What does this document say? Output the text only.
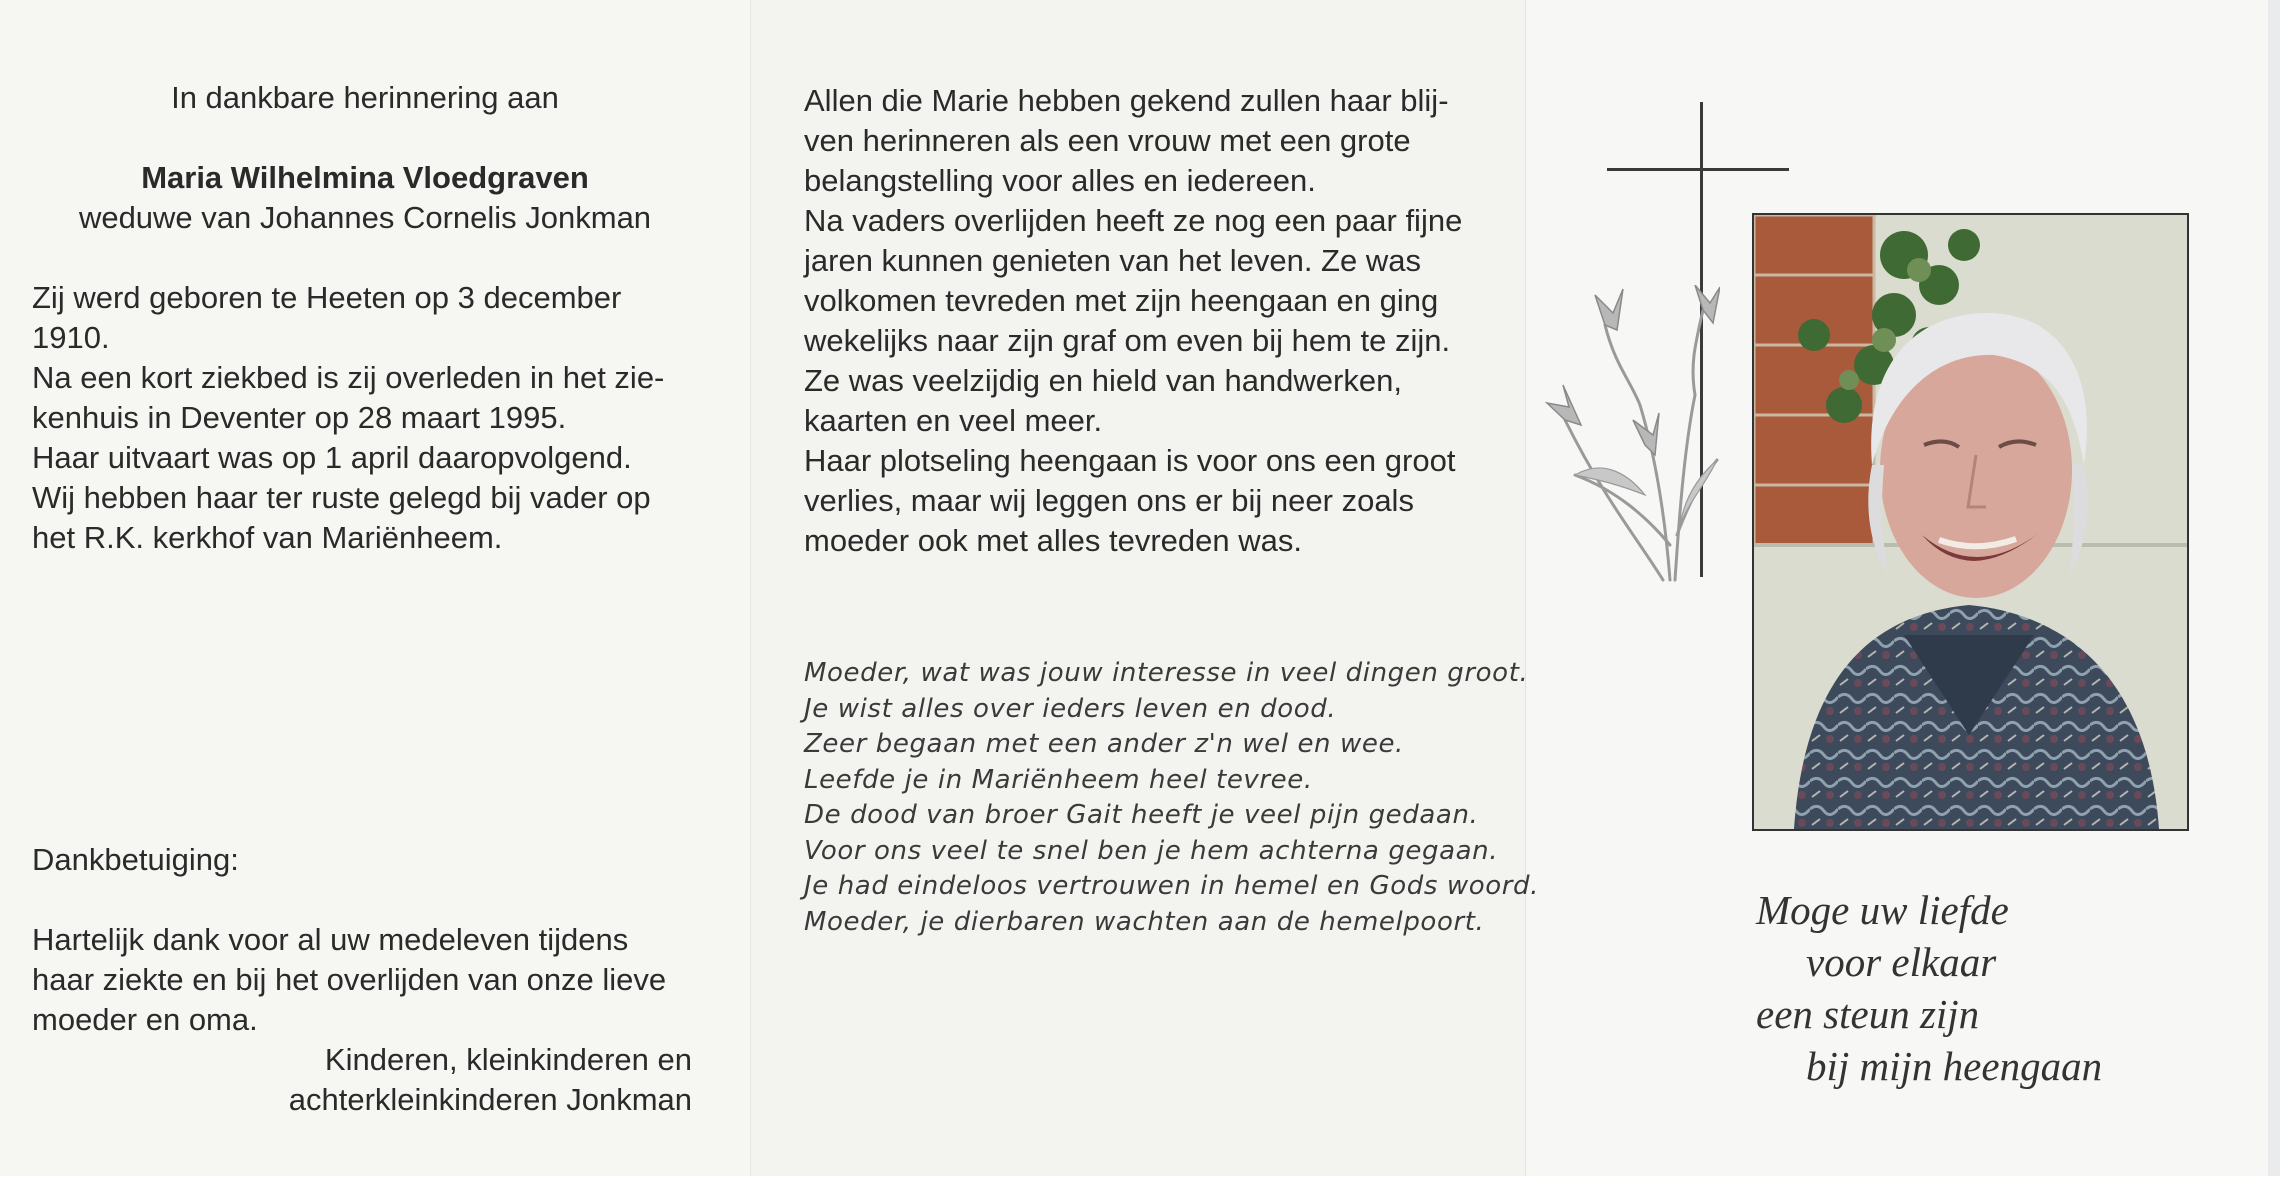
In dankbare herinnering aan
Maria Wilhelmina Vloedgraven
weduwe van Johannes Cornelis Jonkman
Zij werd geboren te Heeten op 3 december
1910.
Na een kort ziekbed is zij overleden in het zie-
kenhuis in Deventer op 28 maart 1995.
Haar uitvaart was op 1 april daaropvolgend.
Wij hebben haar ter ruste gelegd bij vader op
het R.K. kerkhof van Mariënheem.
Dankbetuiging:
Hartelijk dank voor al uw medeleven tijdens
haar ziekte en bij het overlijden van onze lieve
moeder en oma.
Kinderen, kleinkinderen en
achterkleinkinderen Jonkman
Allen die Marie hebben gekend zullen haar blij-
ven herinneren als een vrouw met een grote
belangstelling voor alles en iedereen.
Na vaders overlijden heeft ze nog een paar fijne
jaren kunnen genieten van het leven. Ze was
volkomen tevreden met zijn heengaan en ging
wekelijks naar zijn graf om even bij hem te zijn.
Ze was veelzijdig en hield van handwerken,
kaarten en veel meer.
Haar plotseling heengaan is voor ons een groot
verlies, maar wij leggen ons er bij neer zoals
moeder ook met alles tevreden was.
Moeder, wat was jouw interesse in veel dingen groot.
Je wist alles over ieders leven en dood.
Zeer begaan met een ander z'n wel en wee.
Leefde je in Mariënheem heel tevree.
De dood van broer Gait heeft je veel pijn gedaan.
Voor ons veel te snel ben je hem achterna gegaan.
Je had eindeloos vertrouwen in hemel en Gods woord.
Moeder, je dierbaren wachten aan de hemelpoort.	Moge uw liefde
voor elkaar
een steun zijn
bij mijn heengaan
